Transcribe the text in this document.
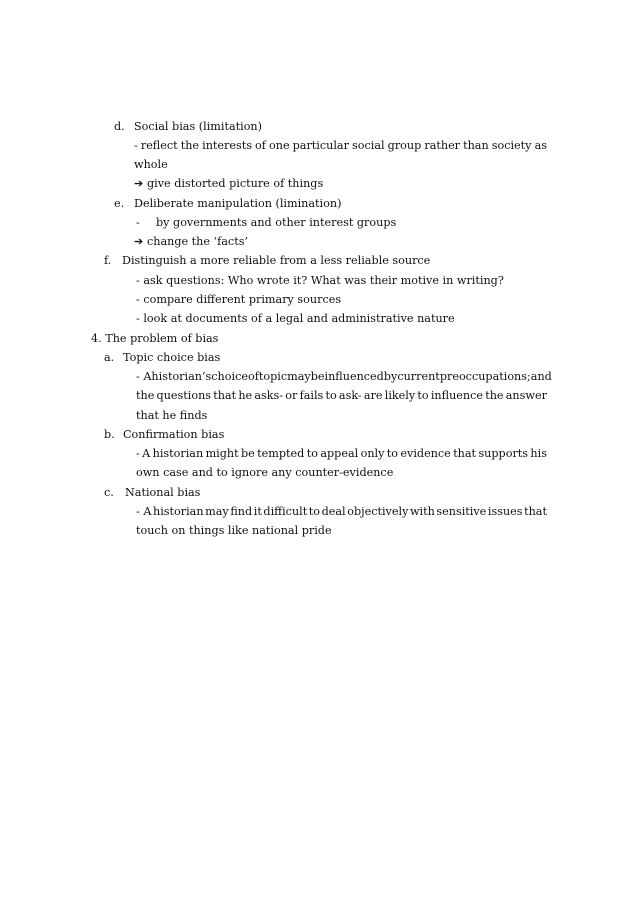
d. Social bias (limitation)
- reflect the interests of one particular social group rather than society as
whole
➔ give distorted picture of things
e. Deliberate manipulation (limination)
- by governments and other interest groups
➔ change the ‘facts’
f. Distinguish a more reliable from a less reliable source
- ask questions: Who wrote it? What was their motive in writing?
- compare different primary sources
- look at documents of a legal and administrative nature
4. The problem of bias
a. Topic choice bias
- A historian’s choice of topic may be influenced by current preoccupations; and
the questions that he asks- or fails to ask- are likely to influence the answer
that he finds
b. Confirmation bias
- A historian might be tempted to appeal only to evidence that supports his
own case and to ignore any counter-evidence
c. National bias
- A historian may find it difficult to deal objectively with sensitive issues that
touch on things like national pride
